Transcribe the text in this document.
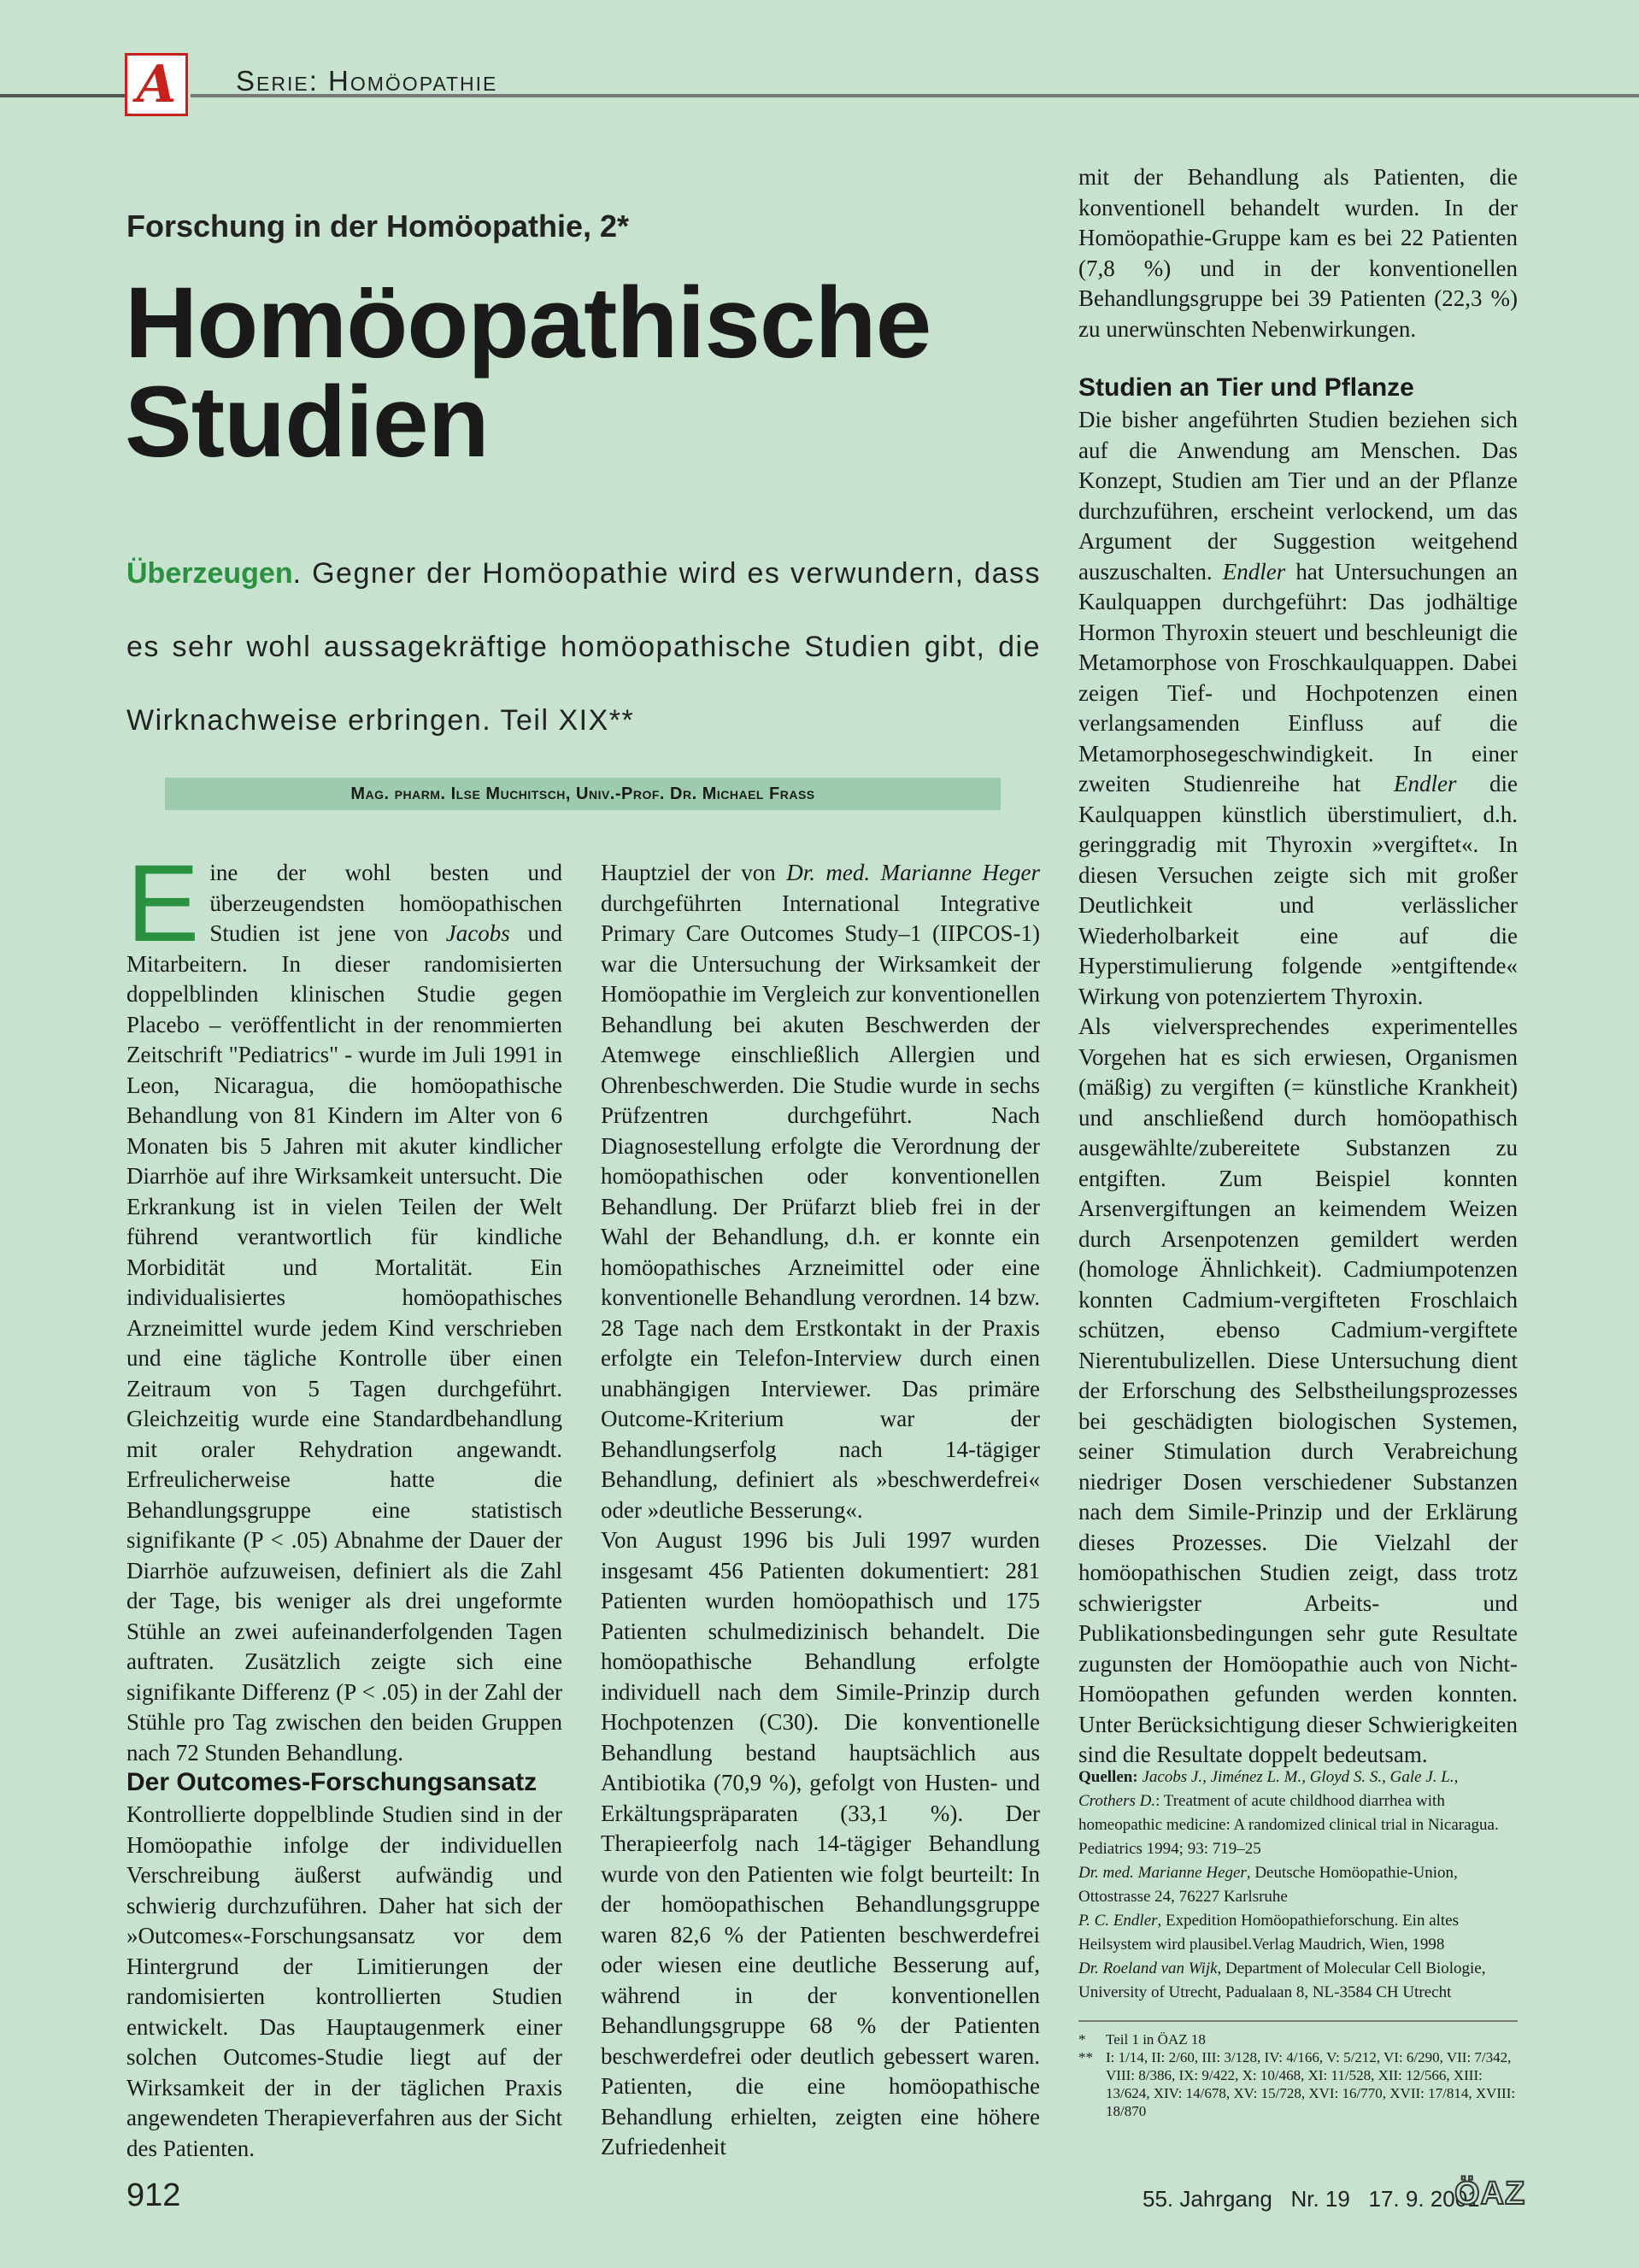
A Serie: Homöopathie
Forschung in der Homöopathie, 2*
Homöopathische
Studien
Überzeugen. Gegner der Homöopathie wird es verwundern, dass es sehr wohl aussagekräftige homöopathische Studien gibt, die Wirknachweise erbringen. Teil XIX**
Mag. pharm. Ilse Muchitsch, Univ.-Prof. Dr. Michael Frass

Eine der wohl besten und überzeugendsten homöopathischen Studien ist jene von Jacobs und Mitarbeitern. In dieser randomisierten doppelblinden klinischen Studie gegen Placebo – veröffentlicht in der renommierten Zeitschrift "Pediatrics" - wurde im Juli 1991 in Leon, Nicaragua, die homöopathische Behandlung von 81 Kindern im Alter von 6 Monaten bis 5 Jahren mit akuter kindlicher Diarrhöe auf ihre Wirksamkeit untersucht. Die Erkrankung ist in vielen Teilen der Welt führend verantwortlich für kindliche Morbidität und Mortalität. Ein individualisiertes homöopathisches Arzneimittel wurde jedem Kind verschrieben und eine tägliche Kontrolle über einen Zeitraum von 5 Tagen durchgeführt. Gleichzeitig wurde eine Standardbehandlung mit oraler Rehydration angewandt. Erfreulicherweise hatte die Behandlungsgruppe eine statistisch signifikante (P < .05) Abnahme der Dauer der Diarrhöe aufzuweisen, definiert als die Zahl der Tage, bis weniger als drei ungeformte Stühle an zwei aufeinanderfolgenden Tagen auftraten. Zusätzlich zeigte sich eine signifikante Differenz (P < .05) in der Zahl der Stühle pro Tag zwischen den beiden Gruppen nach 72 Stunden Behandlung.

Der Outcomes-Forschungsansatz

Kontrollierte doppelblinde Studien sind in der Homöopathie infolge der individuellen Verschreibung äußerst aufwändig und schwierig durchzuführen. Daher hat sich der »Outcomes«-Forschungsansatz vor dem Hintergrund der Limitierungen der randomisierten kontrollierten Studien entwickelt. Das Hauptaugenmerk einer solchen Outcomes-Studie liegt auf der Wirksamkeit der in der täglichen Praxis angewendeten Therapieverfahren aus der Sicht des Patienten.

Hauptziel der von Dr. med. Marianne Heger durchgeführten International Integrative Primary Care Outcomes Study–1 (IIPCOS-1) war die Untersuchung der Wirksamkeit der Homöopathie im Vergleich zur konventionellen Behandlung bei akuten Beschwerden der Atemwege einschließlich Allergien und Ohrenbeschwerden. Die Studie wurde in sechs Prüfzentren durchgeführt. Nach Diagnosestellung erfolgte die Verordnung der homöopathischen oder konventionellen Behandlung. Der Prüfarzt blieb frei in der Wahl der Behandlung, d.h. er konnte ein homöopathisches Arzneimittel oder eine konventionelle Behandlung verordnen. 14 bzw. 28 Tage nach dem Erstkontakt in der Praxis erfolgte ein Telefon-Interview durch einen unabhängigen Interviewer. Das primäre Outcome-Kriterium war der Behandlungserfolg nach 14-tägiger Behandlung, definiert als »beschwerdefrei« oder »deutliche Besserung«.

Von August 1996 bis Juli 1997 wurden insgesamt 456 Patienten dokumentiert: 281 Patienten wurden homöopathisch und 175 Patienten schulmedizinisch behandelt. Die homöopathische Behandlung erfolgte individuell nach dem Simile-Prinzip durch Hochpotenzen (C30). Die konventionelle Behandlung bestand hauptsächlich aus Antibiotika (70,9 %), gefolgt von Husten- und Erkältungspräparaten (33,1 %). Der Therapieerfolg nach 14-tägiger Behandlung wurde von den Patienten wie folgt beurteilt: In der homöopathischen Behandlungsgruppe waren 82,6 % der Patienten beschwerdefrei oder wiesen eine deutliche Besserung auf, während in der konventionellen Behandlungsgruppe 68 % der Patienten beschwerdefrei oder deutlich gebessert waren. Patienten, die eine homöopathische Behandlung erhielten, zeigten eine höhere Zufriedenheit

mit der Behandlung als Patienten, die konventionell behandelt wurden. In der Homöopathie-Gruppe kam es bei 22 Patienten (7,8 %) und in der konventionellen Behandlungsgruppe bei 39 Patienten (22,3 %) zu unerwünschten Nebenwirkungen.

Studien an Tier und Pflanze

Die bisher angeführten Studien beziehen sich auf die Anwendung am Menschen. Das Konzept, Studien am Tier und an der Pflanze durchzuführen, erscheint verlockend, um das Argument der Suggestion weitgehend auszuschalten. Endler hat Untersuchungen an Kaulquappen durchgeführt: Das jodhältige Hormon Thyroxin steuert und beschleunigt die Metamorphose von Froschkaulquappen. Dabei zeigen Tief- und Hochpotenzen einen verlangsamenden Einfluss auf die Metamorphosegeschwindigkeit. In einer zweiten Studienreihe hat Endler die Kaulquappen künstlich überstimuliert, d.h. geringgradig mit Thyroxin »vergiftet«. In diesen Versuchen zeigte sich mit großer Deutlichkeit und verlässlicher Wiederholbarkeit eine auf die Hyperstimulierung folgende »entgiftende« Wirkung von potenziertem Thyroxin.

Als vielversprechendes experimentelles Vorgehen hat es sich erwiesen, Organismen (mäßig) zu vergiften (= künstliche Krankheit) und anschließend durch homöopathisch ausgewählte/zubereitete Substanzen zu entgiften. Zum Beispiel konnten Arsenvergiftungen an keimendem Weizen durch Arsenpotenzen gemildert werden (homologe Ähnlichkeit). Cadmiumpotenzen konnten Cadmium-vergifteten Froschlaich schützen, ebenso Cadmium-vergiftete Nierentubulizellen. Diese Untersuchung dient der Erforschung des Selbstheilungsprozesses bei geschädigten biologischen Systemen, seiner Stimulation durch Verabreichung niedriger Dosen verschiedener Substanzen nach dem Simile-Prinzip und der Erklärung dieses Prozesses. Die Vielzahl der homöopathischen Studien zeigt, dass trotz schwierigster Arbeits- und Publikationsbedingungen sehr gute Resultate zugunsten der Homöopathie auch von Nicht-Homöopathen gefunden werden konnten. Unter Berücksichtigung dieser Schwierigkeiten sind die Resultate doppelt bedeutsam.

Quellen: Jacobs J., Jiménez L. M., Gloyd S. S., Gale J. L., Crothers D.: Treatment of acute childhood diarrhea with homeopathic medicine: A randomized clinical trial in Nicaragua. Pediatrics 1994; 93: 719–25

Dr. med. Marianne Heger, Deutsche Homöopathie-Union, Ottostrasse 24, 76227 Karlsruhe

P. C. Endler, Expedition Homöopathieforschung. Ein altes Heilsystem wird plausibel.Verlag Maudrich, Wien, 1998

Dr. Roeland van Wijk, Department of Molecular Cell Biologie, University of Utrecht, Padualaan 8, NL-3584 CH Utrecht

*	Teil 1 in ÖAZ 18
** I: 1/14, II: 2/60, III: 3/128, IV: 4/166, V: 5/212, VI: 6/290, VII: 7/342, VIII: 8/386, IX: 9/422, X: 10/468, XI: 11/528, XII: 12/566, XIII: 13/624, XIV: 14/678, XV: 15/728, XVI: 16/770, XVII: 17/814, XVIII: 18/870
912	55. Jahrgang   Nr. 19   17. 9. 2001
ÖAZ
